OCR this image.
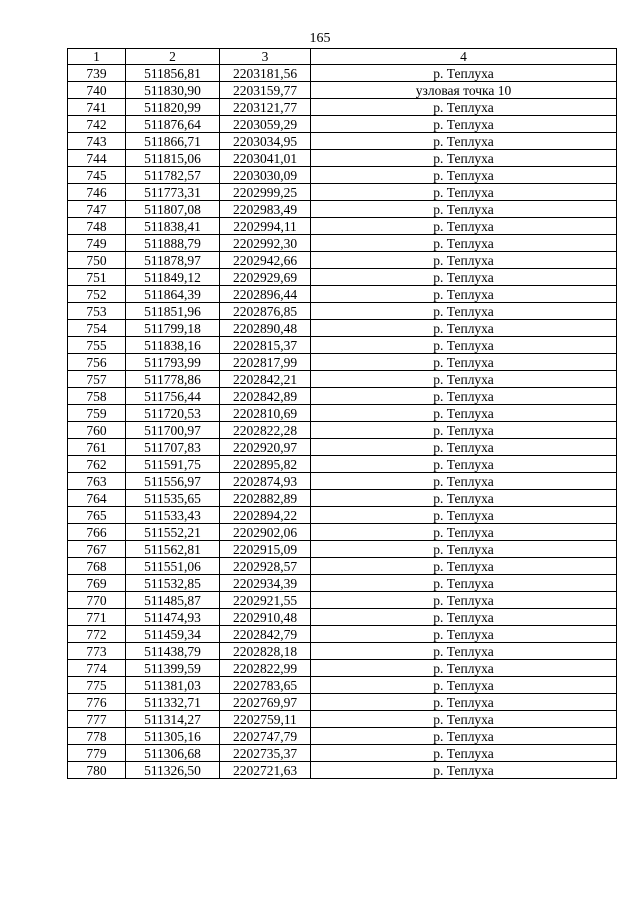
165
1	2	3	4
739	511856,81	2203181,56	р. Теплуха
740	511830,90	2203159,77	узловая точка 10
741	511820,99	2203121,77	р. Теплуха
742	511876,64	2203059,29	р. Теплуха
743	511866,71	2203034,95	р. Теплуха
744	511815,06	2203041,01	р. Теплуха
745	511782,57	2203030,09	р. Теплуха
746	511773,31	2202999,25	р. Теплуха
747	511807,08	2202983,49	р. Теплуха
748	511838,41	2202994,11	р. Теплуха
749	511888,79	2202992,30	р. Теплуха
750	511878,97	2202942,66	р. Теплуха
751	511849,12	2202929,69	р. Теплуха
752	511864,39	2202896,44	р. Теплуха
753	511851,96	2202876,85	р. Теплуха
754	511799,18	2202890,48	р. Теплуха
755	511838,16	2202815,37	р. Теплуха
756	511793,99	2202817,99	р. Теплуха
757	511778,86	2202842,21	р. Теплуха
758	511756,44	2202842,89	р. Теплуха
759	511720,53	2202810,69	р. Теплуха
760	511700,97	2202822,28	р. Теплуха
761	511707,83	2202920,97	р. Теплуха
762	511591,75	2202895,82	р. Теплуха
763	511556,97	2202874,93	р. Теплуха
764	511535,65	2202882,89	р. Теплуха
765	511533,43	2202894,22	р. Теплуха
766	511552,21	2202902,06	р. Теплуха
767	511562,81	2202915,09	р. Теплуха
768	511551,06	2202928,57	р. Теплуха
769	511532,85	2202934,39	р. Теплуха
770	511485,87	2202921,55	р. Теплуха
771	511474,93	2202910,48	р. Теплуха
772	511459,34	2202842,79	р. Теплуха
773	511438,79	2202828,18	р. Теплуха
774	511399,59	2202822,99	р. Теплуха
775	511381,03	2202783,65	р. Теплуха
776	511332,71	2202769,97	р. Теплуха
777	511314,27	2202759,11	р. Теплуха
778	511305,16	2202747,79	р. Теплуха
779	511306,68	2202735,37	р. Теплуха
780	511326,50	2202721,63	р. Теплуха
